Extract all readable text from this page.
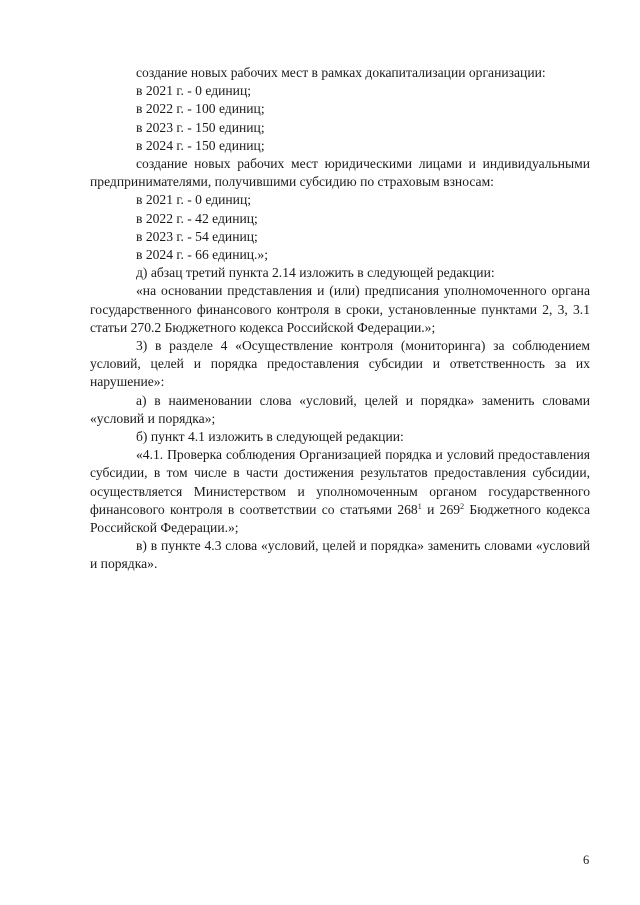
создание новых рабочих мест в рамках докапитализации организации:

в 2021 г. - 0 единиц;

в 2022 г. - 100 единиц;

в 2023 г. - 150 единиц;

в 2024 г. - 150 единиц;

создание новых рабочих мест юридическими лицами и индивидуальными предпринимателями, получившими субсидию по страховым взносам:

в 2021 г. - 0 единиц;

в 2022 г. - 42 единиц;

в 2023 г. - 54 единиц;

в 2024 г. - 66 единиц.»;

д) абзац третий пункта 2.14 изложить в следующей редакции:

«на основании представления и (или) предписания уполномоченного органа государственного финансового контроля в сроки, установленные пунктами 2, 3, 3.1 статьи 270.2 Бюджетного кодекса Российской Федерации.»;

3) в разделе 4 «Осуществление контроля (мониторинга) за соблюдением условий, целей и порядка предоставления субсидии и ответственность за их нарушение»:

а) в наименовании слова «условий, целей и порядка» заменить словами «условий и порядка»;

б) пункт 4.1 изложить в следующей редакции:

«4.1. Проверка соблюдения Организацией порядка и условий предоставления субсидии, в том числе в части достижения результатов предоставления субсидии, осуществляется Министерством и уполномоченным органом государственного финансового контроля в соответствии со статьями $268^1$ и $269^2$ Бюджетного кодекса Российской Федерации.»;

в) в пункте 4.3 слова «условий, целей и порядка» заменить словами «условий и порядка».

6
